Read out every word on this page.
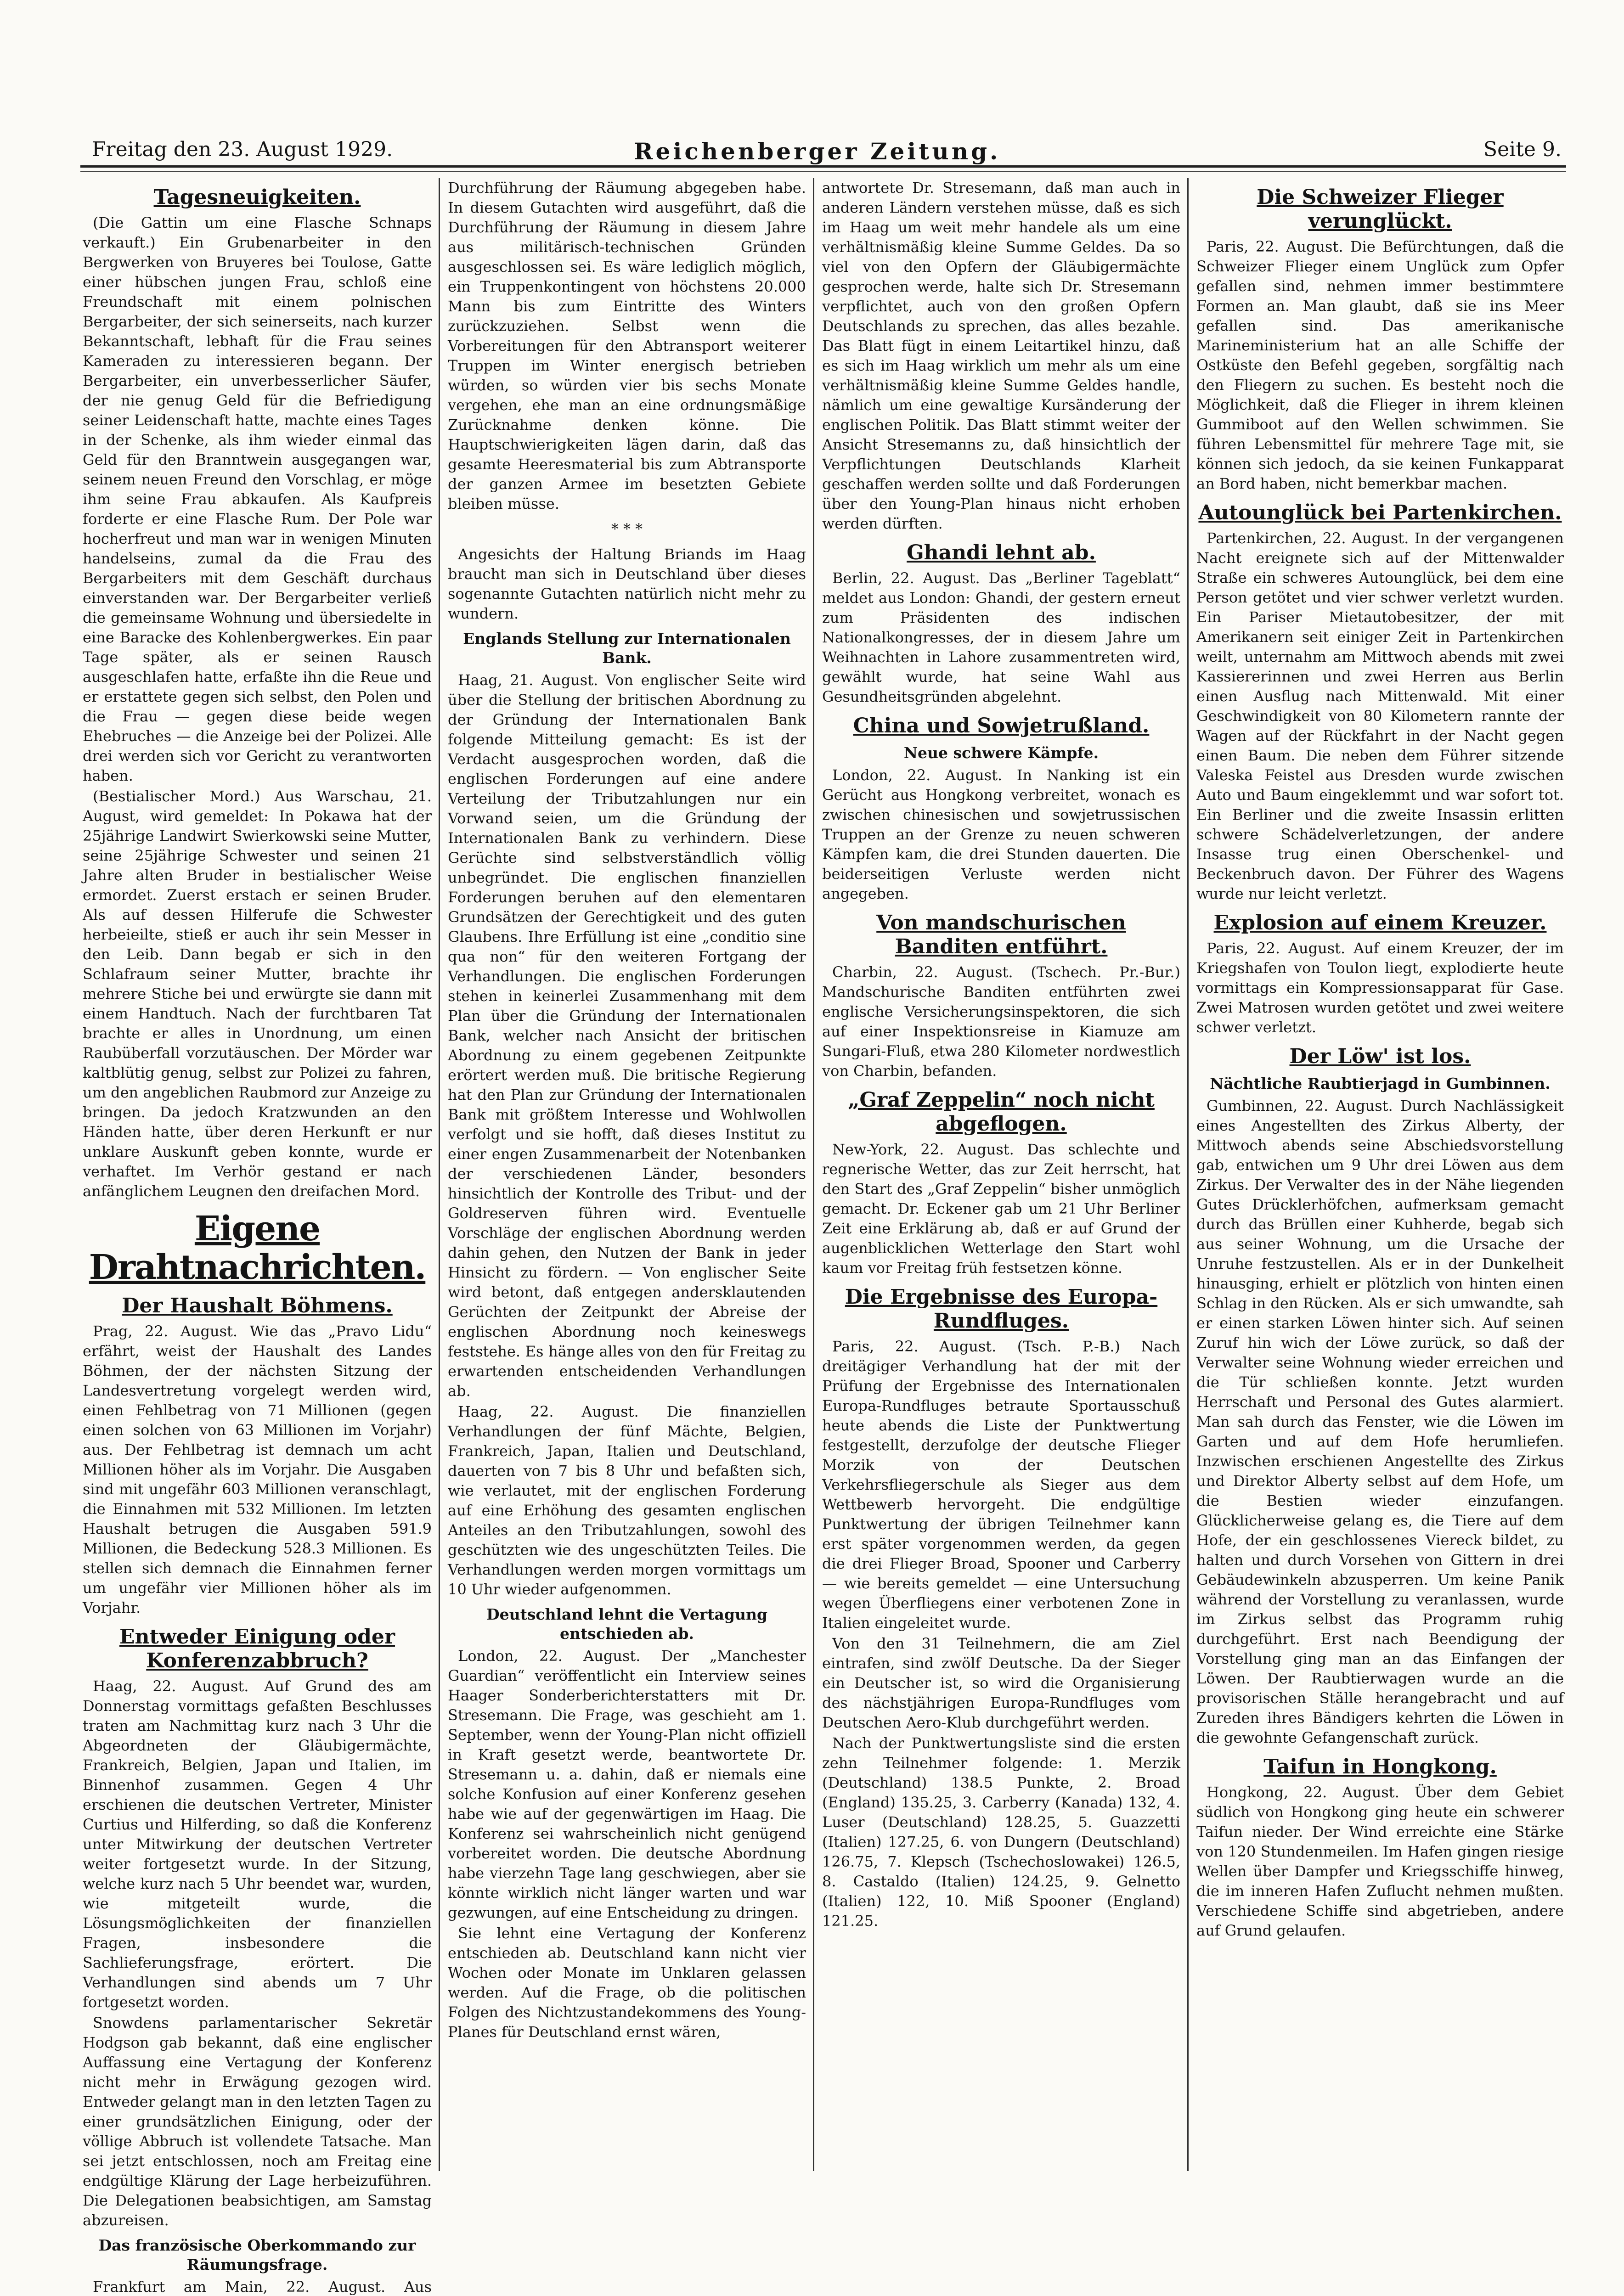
Freitag den 23. August 1929.	Reichenberger Zeitung.	Seite 9.
Tagesneuigkeiten.

(Die Gattin um eine Flasche Schnaps verkauft.) Ein Grubenarbeiter in den Bergwerken von Bruyeres bei Toulose, Gatte einer hübschen jungen Frau, schloß eine Freundschaft mit einem polnischen Bergarbeiter, der sich seinerseits, nach kurzer Bekanntschaft, lebhaft für die Frau seines Kameraden zu interessieren begann. Der Bergarbeiter, ein unverbesserlicher Säufer, der nie genug Geld für die Befriedigung seiner Leidenschaft hatte, machte eines Tages in der Schenke, als ihm wieder einmal das Geld für den Branntwein ausgegangen war, seinem neuen Freund den Vorschlag, er möge ihm seine Frau abkaufen. Als Kaufpreis forderte er eine Flasche Rum. Der Pole war hocherfreut und man war in wenigen Minuten handelseins, zumal da die Frau des Bergarbeiters mit dem Geschäft durchaus einverstanden war. Der Bergarbeiter verließ die gemeinsame Wohnung und übersiedelte in eine Baracke des Kohlenbergwerkes. Ein paar Tage später, als er seinen Rausch ausgeschlafen hatte, erfaßte ihn die Reue und er erstattete gegen sich selbst, den Polen und die Frau — gegen diese beide wegen Ehebruches — die Anzeige bei der Polizei. Alle drei werden sich vor Gericht zu verantworten haben.

(Bestialischer Mord.) Aus Warschau, 21. August, wird gemeldet: In Pokawa hat der 25jährige Landwirt Swierkowski seine Mutter, seine 25jährige Schwester und seinen 21 Jahre alten Bruder in bestialischer Weise ermordet. Zuerst erstach er seinen Bruder. Als auf dessen Hilferufe die Schwester herbeieilte, stieß er auch ihr sein Messer in den Leib. Dann begab er sich in den Schlafraum seiner Mutter, brachte ihr mehrere Stiche bei und erwürgte sie dann mit einem Handtuch. Nach der furchtbaren Tat brachte er alles in Unordnung, um einen Raubüberfall vorzutäuschen. Der Mörder war kaltblütig genug, selbst zur Polizei zu fahren, um den angeblichen Raubmord zur Anzeige zu bringen. Da jedoch Kratzwunden an den Händen hatte, über deren Herkunft er nur unklare Auskunft geben konnte, wurde er verhaftet. Im Verhör gestand er nach anfänglichem Leugnen den dreifachen Mord.

Eigene Drahtnachrichten.
Der Haushalt Böhmens.

Prag, 22. August. Wie das „Pravo Lidu“ erfährt, weist der Haushalt des Landes Böhmen, der der nächsten Sitzung der Landesvertretung vorgelegt werden wird, einen Fehlbetrag von 71 Millionen (gegen einen solchen von 63 Millionen im Vorjahr) aus. Der Fehlbetrag ist demnach um acht Millionen höher als im Vorjahr. Die Ausgaben sind mit ungefähr 603 Millionen veranschlagt, die Einnahmen mit 532 Millionen. Im letzten Haushalt betrugen die Ausgaben 591.9 Millionen, die Bedeckung 528.3 Millionen. Es stellen sich demnach die Einnahmen ferner um ungefähr vier Millionen höher als im Vorjahr.

Entweder Einigung oder Konferenzabbruch?

Haag, 22. August. Auf Grund des am Donnerstag vormittags gefaßten Beschlusses traten am Nachmittag kurz nach 3 Uhr die Abgeordneten der Gläubigermächte, Frankreich, Belgien, Japan und Italien, im Binnenhof zusammen. Gegen 4 Uhr erschienen die deutschen Vertreter, Minister Curtius und Hilferding, so daß die Konferenz unter Mitwirkung der deutschen Vertreter weiter fortgesetzt wurde. In der Sitzung, welche kurz nach 5 Uhr beendet war, wurden, wie mitgeteilt wurde, die Lösungsmöglichkeiten der finanziellen Fragen, insbesondere die Sachlieferungsfrage, erörtert. Die Verhandlungen sind abends um 7 Uhr fortgesetzt worden.

Snowdens parlamentarischer Sekretär Hodgson gab bekannt, daß eine englischer Auffassung eine Vertagung der Konferenz nicht mehr in Erwägung gezogen wird. Entweder gelangt man in den letzten Tagen zu einer grundsätzlichen Einigung, oder der völlige Abbruch ist vollendete Tatsache. Man sei jetzt entschlossen, noch am Freitag eine endgültige Klärung der Lage herbeizuführen. Die Delegationen beabsichtigen, am Samstag abzureisen.

Das französische Oberkommando zur Räumungsfrage.

Frankfurt am Main, 22. August. Aus

Durchführung der Räumung abgegeben habe. In diesem Gutachten wird ausgeführt, daß die Durchführung der Räumung in diesem Jahre aus militärisch-technischen Gründen ausgeschlossen sei. Es wäre lediglich möglich, ein Truppenkontingent von höchstens 20.000 Mann bis zum Eintritte des Winters zurückzuziehen. Selbst wenn die Vorbereitungen für den Abtransport weiterer Truppen im Winter energisch betrieben würden, so würden vier bis sechs Monate vergehen, ehe man an eine ordnungsmäßige Zurücknahme denken könne. Die Hauptschwierigkeiten lägen darin, daß das gesamte Heeresmaterial bis zum Abtransporte der ganzen Armee im besetzten Gebiete bleiben müsse.

* * *

Angesichts der Haltung Briands im Haag braucht man sich in Deutschland über dieses sogenannte Gutachten natürlich nicht mehr zu wundern.

Englands Stellung zur Internationalen Bank.

Haag, 21. August. Von englischer Seite wird über die Stellung der britischen Abordnung zu der Gründung der Internationalen Bank folgende Mitteilung gemacht: Es ist der Verdacht ausgesprochen worden, daß die englischen Forderungen auf eine andere Verteilung der Tributzahlungen nur ein Vorwand seien, um die Gründung der Internationalen Bank zu verhindern. Diese Gerüchte sind selbstverständlich völlig unbegründet. Die englischen finanziellen Forderungen beruhen auf den elementaren Grundsätzen der Gerechtigkeit und des guten Glaubens. Ihre Erfüllung ist eine „conditio sine qua non“ für den weiteren Fortgang der Verhandlungen. Die englischen Forderungen stehen in keinerlei Zusammenhang mit dem Plan über die Gründung der Internationalen Bank, welcher nach Ansicht der britischen Abordnung zu einem gegebenen Zeitpunkte erörtert werden muß. Die britische Regierung hat den Plan zur Gründung der Internationalen Bank mit größtem Interesse und Wohlwollen verfolgt und sie hofft, daß dieses Institut zu einer engen Zusammenarbeit der Notenbanken der verschiedenen Länder, besonders hinsichtlich der Kontrolle des Tribut- und der Goldreserven führen wird. Eventuelle Vorschläge der englischen Abordnung werden dahin gehen, den Nutzen der Bank in jeder Hinsicht zu fördern. — Von englischer Seite wird betont, daß entgegen andersklautenden Gerüchten der Zeitpunkt der Abreise der englischen Abordnung noch keineswegs feststehe. Es hänge alles von den für Freitag zu erwartenden entscheidenden Verhandlungen ab.

Haag, 22. August. Die finanziellen Verhandlungen der fünf Mächte, Belgien, Frankreich, Japan, Italien und Deutschland, dauerten von 7 bis 8 Uhr und befaßten sich, wie verlautet, mit der englischen Forderung auf eine Erhöhung des gesamten englischen Anteiles an den Tributzahlungen, sowohl des geschützten wie des ungeschützten Teiles. Die Verhandlungen werden morgen vormittags um 10 Uhr wieder aufgenommen.

Deutschland lehnt die Vertagung entschieden ab.

London, 22. August. Der „Manchester Guardian“ veröffentlicht ein Interview seines Haager Sonderberichterstatters mit Dr. Stresemann. Die Frage, was geschieht am 1. September, wenn der Young-Plan nicht offiziell in Kraft gesetzt werde, beantwortete Dr. Stresemann u. a. dahin, daß er niemals eine solche Konfusion auf einer Konferenz gesehen habe wie auf der gegenwärtigen im Haag. Die Konferenz sei wahrscheinlich nicht genügend vorbereitet worden. Die deutsche Abordnung habe vierzehn Tage lang geschwiegen, aber sie könnte wirklich nicht länger warten und war gezwungen, auf eine Entscheidung zu dringen.

Sie lehnt eine Vertagung der Konferenz entschieden ab. Deutschland kann nicht vier Wochen oder Monate im Unklaren gelassen werden. Auf die Frage, ob die politischen Folgen des Nichtzustandekommens des Young-Planes für Deutschland ernst wären,

antwortete Dr. Stresemann, daß man auch in anderen Ländern verstehen müsse, daß es sich im Haag um weit mehr handele als um eine verhältnismäßig kleine Summe Geldes. Da so viel von den Opfern der Gläubigermächte gesprochen werde, halte sich Dr. Stresemann verpflichtet, auch von den großen Opfern Deutschlands zu sprechen, das alles bezahle. Das Blatt fügt in einem Leitartikel hinzu, daß es sich im Haag wirklich um mehr als um eine verhältnismäßig kleine Summe Geldes handle, nämlich um eine gewaltige Kursänderung der englischen Politik. Das Blatt stimmt weiter der Ansicht Stresemanns zu, daß hinsichtlich der Verpflichtungen Deutschlands Klarheit geschaffen werden sollte und daß Forderungen über den Young-Plan hinaus nicht erhoben werden dürften.

Ghandi lehnt ab.

Berlin, 22. August. Das „Berliner Tageblatt“ meldet aus London: Ghandi, der gestern erneut zum Präsidenten des indischen Nationalkongresses, der in diesem Jahre um Weihnachten in Lahore zusammentreten wird, gewählt wurde, hat seine Wahl aus Gesundheitsgründen abgelehnt.

China und Sowjetrußland.
Neue schwere Kämpfe.

London, 22. August. In Nanking ist ein Gerücht aus Hongkong verbreitet, wonach es zwischen chinesischen und sowjetrussischen Truppen an der Grenze zu neuen schweren Kämpfen kam, die drei Stunden dauerten. Die beiderseitigen Verluste werden nicht angegeben.

Von mandschurischen Banditen entführt.

Charbin, 22. August. (Tschech. Pr.-Bur.) Mandschurische Banditen entführten zwei englische Versicherungsinspektoren, die sich auf einer Inspektionsreise in Kiamuze am Sungari-Fluß, etwa 280 Kilometer nordwestlich von Charbin, befanden.

„Graf Zeppelin“ noch nicht abgeflogen.

New-York, 22. August. Das schlechte und regnerische Wetter, das zur Zeit herrscht, hat den Start des „Graf Zeppelin“ bisher unmöglich gemacht. Dr. Eckener gab um 21 Uhr Berliner Zeit eine Erklärung ab, daß er auf Grund der augenblicklichen Wetterlage den Start wohl kaum vor Freitag früh festsetzen könne.

Die Ergebnisse des Europa-Rundfluges.

Paris, 22. August. (Tsch. P.-B.) Nach dreitägiger Verhandlung hat der mit der Prüfung der Ergebnisse des Internationalen Europa-Rundfluges betraute Sportausschuß heute abends die Liste der Punktwertung festgestellt, derzufolge der deutsche Flieger Morzik von der Deutschen Verkehrsfliegerschule als Sieger aus dem Wettbewerb hervorgeht. Die endgültige Punktwertung der übrigen Teilnehmer kann erst später vorgenommen werden, da gegen die drei Flieger Broad, Spooner und Carberry — wie bereits gemeldet — eine Untersuchung wegen Überfliegens einer verbotenen Zone in Italien eingeleitet wurde.

Von den 31 Teilnehmern, die am Ziel eintrafen, sind zwölf Deutsche. Da der Sieger ein Deutscher ist, so wird die Organisierung des nächstjährigen Europa-Rundfluges vom Deutschen Aero-Klub durchgeführt werden.

Nach der Punktwertungsliste sind die ersten zehn Teilnehmer folgende: 1. Merzik (Deutschland) 138.5 Punkte, 2. Broad (England) 135.25, 3. Carberry (Kanada) 132, 4. Luser (Deutschland) 128.25, 5. Guazzetti (Italien) 127.25, 6. von Dungern (Deutschland) 126.75, 7. Klepsch (Tschechoslowakei) 126.5, 8. Castaldo (Italien) 124.25, 9. Gelnetto (Italien) 122, 10. Miß Spooner (England) 121.25.

Die Schweizer Flieger verunglückt.

Paris, 22. August. Die Befürchtungen, daß die Schweizer Flieger einem Unglück zum Opfer gefallen sind, nehmen immer bestimmtere Formen an. Man glaubt, daß sie ins Meer gefallen sind. Das amerikanische Marineministerium hat an alle Schiffe der Ostküste den Befehl gegeben, sorgfältig nach den Fliegern zu suchen. Es besteht noch die Möglichkeit, daß die Flieger in ihrem kleinen Gummiboot auf den Wellen schwimmen. Sie führen Lebensmittel für mehrere Tage mit, sie können sich jedoch, da sie keinen Funkapparat an Bord haben, nicht bemerkbar machen.

Autounglück bei Partenkirchen.

Partenkirchen, 22. August. In der vergangenen Nacht ereignete sich auf der Mittenwalder Straße ein schweres Autounglück, bei dem eine Person getötet und vier schwer verletzt wurden. Ein Pariser Mietautobesitzer, der mit Amerikanern seit einiger Zeit in Partenkirchen weilt, unternahm am Mittwoch abends mit zwei Kassiererinnen und zwei Herren aus Berlin einen Ausflug nach Mittenwald. Mit einer Geschwindigkeit von 80 Kilometern rannte der Wagen auf der Rückfahrt in der Nacht gegen einen Baum. Die neben dem Führer sitzende Valeska Feistel aus Dresden wurde zwischen Auto und Baum eingeklemmt und war sofort tot. Ein Berliner und die zweite Insassin erlitten schwere Schädelverletzungen, der andere Insasse trug einen Oberschenkel- und Beckenbruch davon. Der Führer des Wagens wurde nur leicht verletzt.

Explosion auf einem Kreuzer.

Paris, 22. August. Auf einem Kreuzer, der im Kriegshafen von Toulon liegt, explodierte heute vormittags ein Kompressionsapparat für Gase. Zwei Matrosen wurden getötet und zwei weitere schwer verletzt.

Der Löw' ist los.
Nächtliche Raubtierjagd in Gumbinnen.

Gumbinnen, 22. August. Durch Nachlässigkeit eines Angestellten des Zirkus Alberty, der Mittwoch abends seine Abschiedsvorstellung gab, entwichen um 9 Uhr drei Löwen aus dem Zirkus. Der Verwalter des in der Nähe liegenden Gutes Drücklerhöfchen, aufmerksam gemacht durch das Brüllen einer Kuhherde, begab sich aus seiner Wohnung, um die Ursache der Unruhe festzustellen. Als er in der Dunkelheit hinausging, erhielt er plötzlich von hinten einen Schlag in den Rücken. Als er sich umwandte, sah er einen starken Löwen hinter sich. Auf seinen Zuruf hin wich der Löwe zurück, so daß der Verwalter seine Wohnung wieder erreichen und die Tür schließen konnte. Jetzt wurden Herrschaft und Personal des Gutes alarmiert. Man sah durch das Fenster, wie die Löwen im Garten und auf dem Hofe herumliefen. Inzwischen erschienen Angestellte des Zirkus und Direktor Alberty selbst auf dem Hofe, um die Bestien wieder einzufangen. Glücklicherweise gelang es, die Tiere auf dem Hofe, der ein geschlossenes Viereck bildet, zu halten und durch Vorsehen von Gittern in drei Gebäudewinkeln abzusperren. Um keine Panik während der Vorstellung zu veranlassen, wurde im Zirkus selbst das Programm ruhig durchgeführt. Erst nach Beendigung der Vorstellung ging man an das Einfangen der Löwen. Der Raubtierwagen wurde an die provisorischen Ställe herangebracht und auf Zureden ihres Bändigers kehrten die Löwen in die gewohnte Gefangenschaft zurück.

Taifun in Hongkong.

Hongkong, 22. August. Über dem Gebiet südlich von Hongkong ging heute ein schwerer Taifun nieder. Der Wind erreichte eine Stärke von 120 Stundenmeilen. Im Hafen gingen riesige Wellen über Dampfer und Kriegsschiffe hinweg, die im inneren Hafen Zuflucht nehmen mußten. Verschiedene Schiffe sind abgetrieben, andere auf Grund gelaufen.
